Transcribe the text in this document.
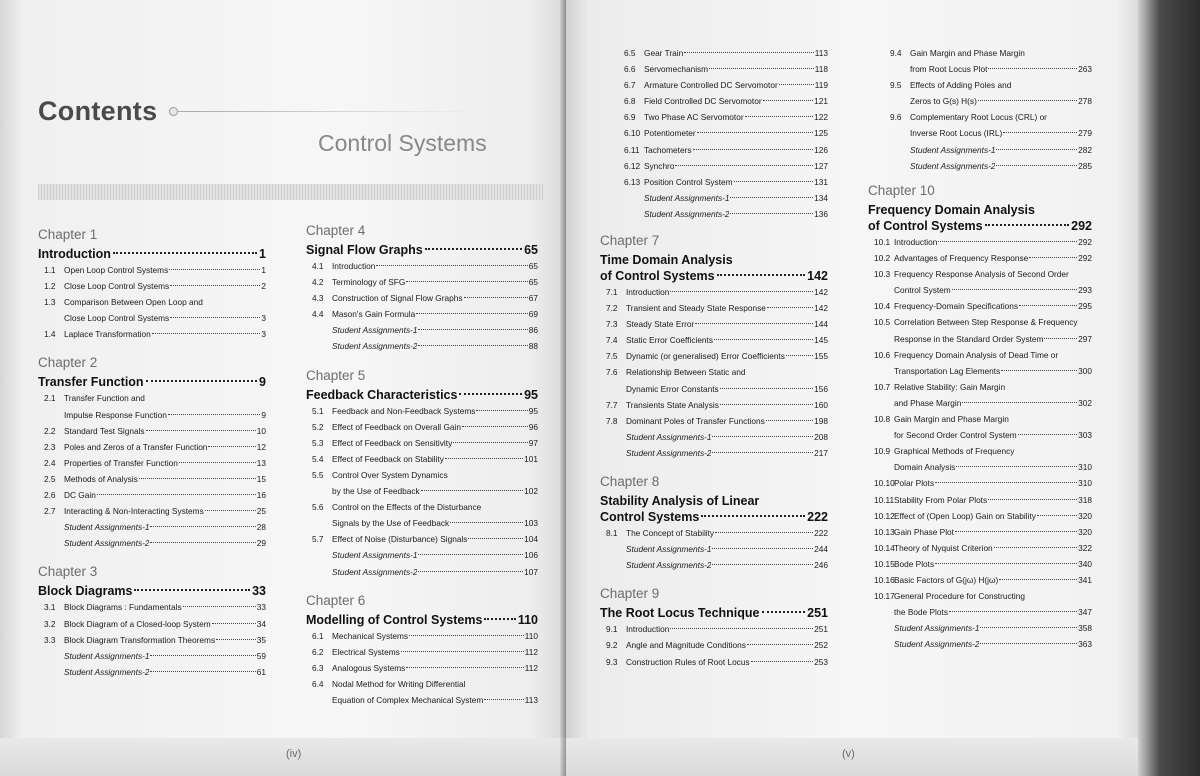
Contents
Control Systems
Chapter 1
Introduction	1
1.1	Open Loop Control Systems	1
1.2	Close Loop Control Systems	2
1.3	Comparison Between Open Loop and
Close Loop Control Systems	3
1.4	Laplace Transformation	3
Chapter 2
Transfer Function	9
2.1	Transfer Function and
Impulse Response Function	9
2.2	Standard Test Signals	10
2.3	Poles and Zeros of a Transfer Function	12
2.4	Properties of Transfer Function	13
2.5	Methods of Analysis	15
2.6	DC Gain	16
2.7	Interacting & Non-Interacting Systems	25
Student Assignments-1	28
Student Assignments-2	29
Chapter 3
Block Diagrams	33
3.1	Block Diagrams : Fundamentals	33
3.2	Block Diagram of a Closed-loop System	34
3.3	Block Diagram Transformation Theorems	35
Student Assignments-1	59
Student Assignments-2	61
Chapter 4
Signal Flow Graphs	65
4.1	Introduction	65
4.2	Terminology of SFG	65
4.3	Construction of Signal Flow Graphs	67
4.4	Mason's Gain Formula	69
Student Assignments-1	86
Student Assignments-2	88
Chapter 5
Feedback Characteristics	95
5.1	Feedback and Non-Feedback Systems	95
5.2	Effect of Feedback on Overall Gain	96
5.3	Effect of Feedback on Sensitivity	97
5.4	Effect of Feedback on Stability	101
5.5	Control Over System Dynamics
by the Use of Feedback	102
5.6	Control on the Effects of the Disturbance
Signals by the Use of Feedback	103
5.7	Effect of Noise (Disturbance) Signals	104
Student Assignments-1	106
Student Assignments-2	107
Chapter 6
Modelling of Control Systems	110
6.1	Mechanical Systems	110
6.2	Electrical Systems	112
6.3	Analogous Systems	112
6.4	Nodal Method for Writing Differential
Equation of Complex Mechanical System	113
(iv)
6.5	Gear Train	113
6.6	Servomechanism	118
6.7	Armature Controlled DC Servomotor	119
6.8	Field Controlled DC Servomotor	121
6.9	Two Phase AC Servomotor	122
6.10 Potentiometer	125
6.11 Tachometers	126
6.12 Synchro	127
6.13 Position Control System	131
Student Assignments-1	134
Student Assignments-2	136
Chapter 7
Time Domain Analysis
of Control Systems	142
7.1	Introduction	142
7.2	Transient and Steady State Response	142
7.3	Steady State Error	144
7.4	Static Error Coefficients	145
7.5	Dynamic (or generalised) Error Coefficients	155
7.6	Relationship Between Static and
Dynamic Error Constants	156
7.7	Transients State Analysis	160
7.8	Dominant Poles of Transfer Functions	198
Student Assignments-1	208
Student Assignments-2	217
Chapter 8
Stability Analysis of Linear
Control Systems	222
8.1	The Concept of Stability	222
Student Assignments-1	244
Student Assignments-2	246
Chapter 9
The Root Locus Technique	251
9.1	Introduction	251
9.2	Angle and Magnitude Conditions	252
9.3	Construction Rules of Root Locus	253
9.4	Gain Margin and Phase Margin
from Root Locus Plot	263
9.5	Effects of Adding Poles and
Zeros to G(s) H(s)	278
9.6	Complementary Root Locus (CRL) or
Inverse Root Locus (IRL)	279
Student Assignments-1	282
Student Assignments-2	285
Chapter 10
Frequency Domain Analysis
of Control Systems	292
10.1 Introduction	292
10.2 Advantages of Frequency Response	292
10.3 Frequency Response Analysis of Second Order
Control System	293
10.4 Frequency-Domain Specifications	295
10.5 Correlation Between Step Response & Frequency
Response in the Standard Order System	297
10.6 Frequency Domain Analysis of Dead Time or
Transportation Lag Elements	300
10.7 Relative Stability: Gain Margin
and Phase Margin	302
10.8 Gain Margin and Phase Margin
for Second Order Control System	303
10.9 Graphical Methods of Frequency
Domain Analysis	310
10.10 Polar Plots	310
10.11 Stability From Polar Plots	318
10.12 Effect of (Open Loop) Gain on Stability	320
10.13 Gain Phase Plot	320
10.14 Theory of Nyquist Criterion	322
10.15 Bode Plots	340
10.16 Basic Factors of G(jω) H(jω)	341
10.17 General Procedure for Constructing
the Bode Plots	347
Student Assignments-1	358
Student Assignments-2	363
(v)
